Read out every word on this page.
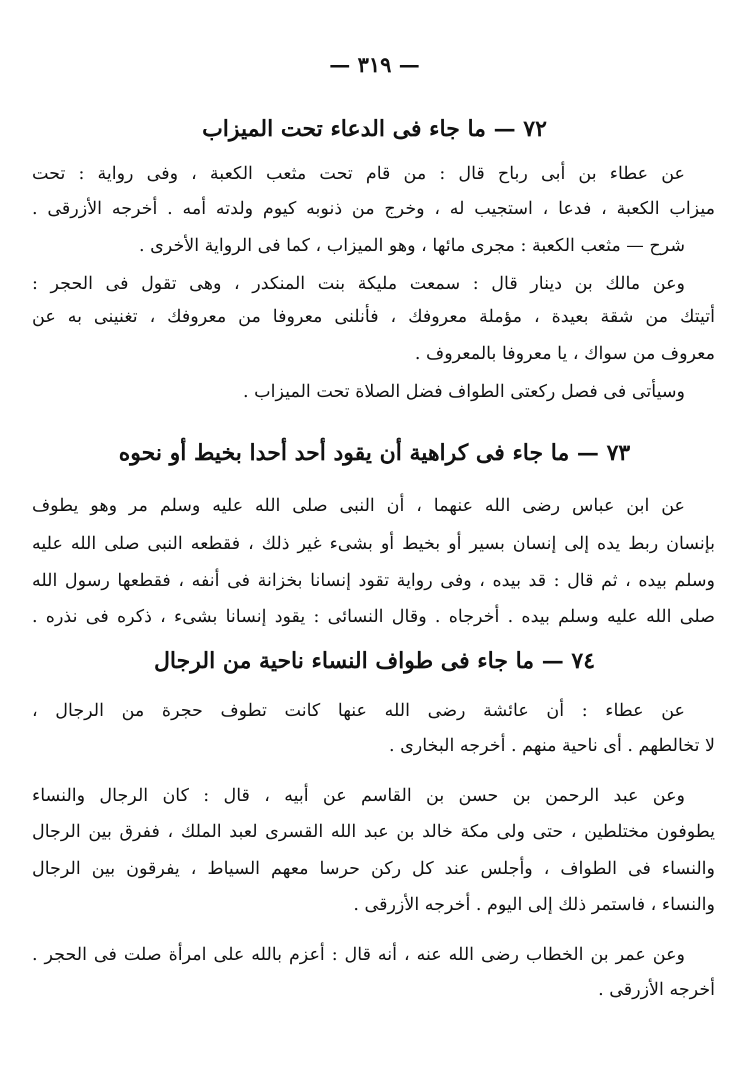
— ٣١٩ —
٧٢ — ما جاء فى الدعاء تحت الميزاب
عن عطاء بن أبى رباح قال : من قام تحت مثعب الكعبة ، وفى رواية : تحت
ميزاب الكعبة ، فدعا ، استجيب له ، وخرج من ذنوبه كيوم ولدته أمه . أخرجه الأزرقى .
شرح — مثعب الكعبة : مجرى مائها ، وهو الميزاب ، كما فى الرواية الأخرى .
وعن مالك بن دينار قال : سمعت مليكة بنت المنكدر ، وهى تقول فى الحجر :
أتيتك من شقة بعيدة ، مؤملة معروفك ، فأنلنى معروفا من معروفك ، تغنينى به عن
معروف من سواك ، يا معروفا بالمعروف .
وسيأتى فى فصل ركعتى الطواف فضل الصلاة تحت الميزاب .
٧٣ — ما جاء فى كراهية أن يقود أحد أحدا بخيط أو نحوه
عن ابن عباس رضى الله عنهما ، أن النبى صلى الله عليه وسلم مر وهو يطوف
بإنسان ربط يده إلى إنسان بسير أو بخيط أو بشىء غير ذلك ، فقطعه النبى صلى الله عليه
وسلم بيده ، ثم قال : قد بيده ، وفى رواية تقود إنسانا بخزانة فى أنفه ، فقطعها رسول الله
صلى الله عليه وسلم بيده . أخرجاه . وقال النسائى : يقود إنسانا بشىء ، ذكره فى نذره .
٧٤ — ما جاء فى طواف النساء ناحية من الرجال
عن عطاء : أن عائشة رضى الله عنها كانت تطوف حجرة من الرجال ،
لا تخالطهم . أى ناحية منهم . أخرجه البخارى .
وعن عبد الرحمن بن حسن بن القاسم عن أبيه ، قال : كان الرجال والنساء
يطوفون مختلطين ، حتى ولى مكة خالد بن عبد الله القسرى لعبد الملك ، ففرق بين الرجال
والنساء فى الطواف ، وأجلس عند كل ركن حرسا معهم السياط ، يفرقون بين الرجال
والنساء ، فاستمر ذلك إلى اليوم . أخرجه الأزرقى .
وعن عمر بن الخطاب رضى الله عنه ، أنه قال : أعزم بالله على امرأة صلت فى الحجر .
أخرجه الأزرقى .
